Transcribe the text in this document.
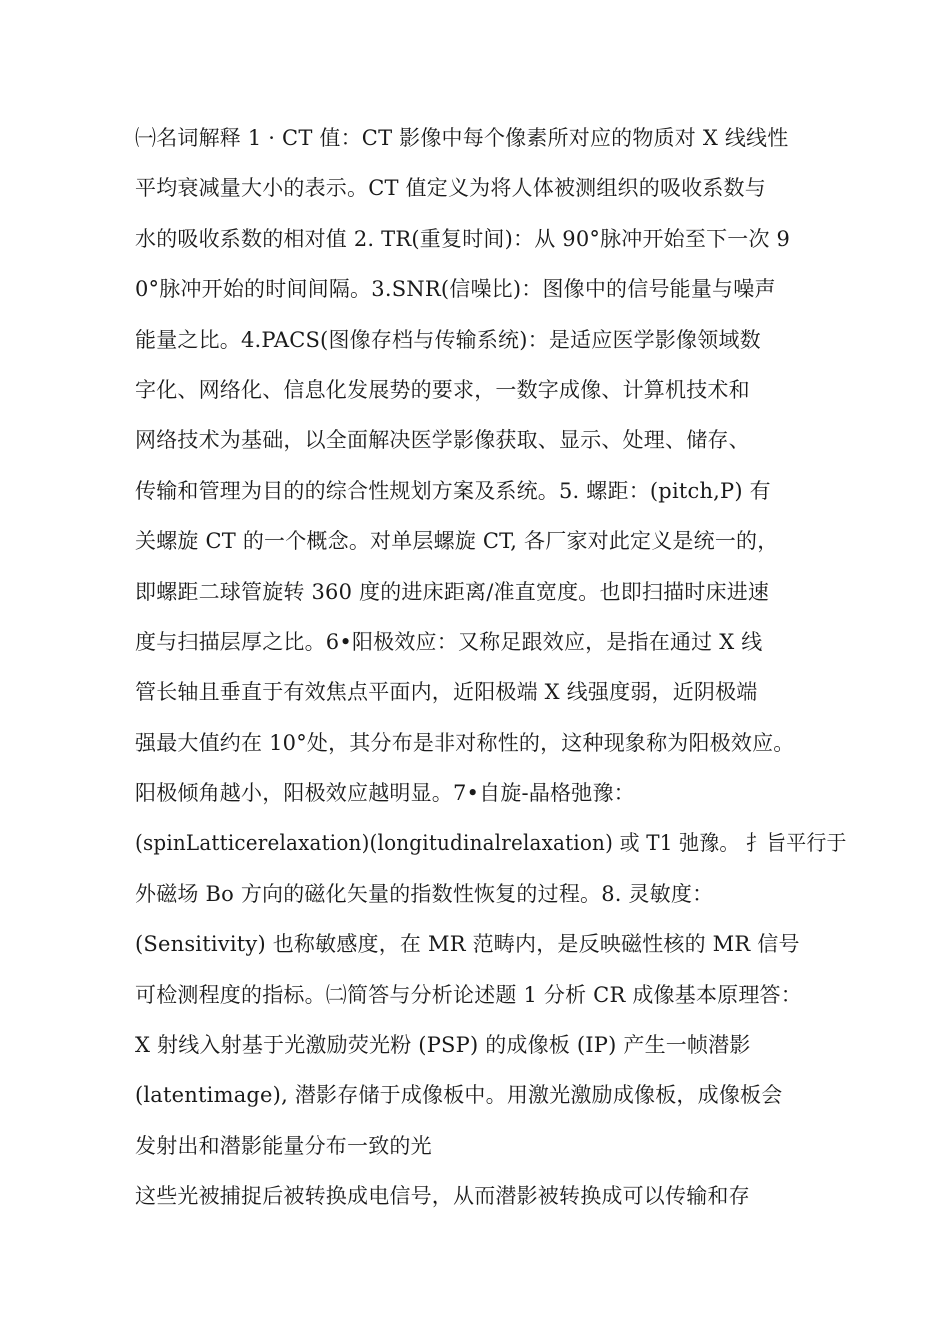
㈠名词解释 1 · CT 值：CT 影像中每个像素所对应的物质对 X 线线性
平均衰减量大小的表示。CT 值定义为将人体被测组织的吸收系数与
水的吸收系数的相对值 2. TR(重复时间)：从 90°脉冲开始至下一次 9
0°脉冲开始的时间间隔。3.SNR(信噪比)：图像中的信号能量与噪声
能量之比。4.PACS(图像存档与传输系统)：是适应医学影像领域数
字化、网络化、信息化发展势的要求，一数字成像、计算机技术和
网络技术为基础，以全面解决医学影像获取、显示、处理、储存、
传输和管理为目的的综合性规划方案及系统。5. 螺距：(pitch,P) 有
关螺旋 CT 的一个概念。对单层螺旋 CT, 各厂家对此定义是统一的，
即螺距二球管旋转 360 度的进床距离/准直宽度。也即扫描时床进速
度与扫描层厚之比。6•阳极效应：又称足跟效应，是指在通过 X 线
管长轴且垂直于有效焦点平面内，近阳极端 X 线强度弱，近阴极端
强最大值约在 10°处，其分布是非对称性的，这种现象称为阳极效应。
阳极倾角越小，阳极效应越明显。7•自旋-晶格弛豫：
(spinLatticerelaxation)(longitudinalrelaxation) 或 T1 弛豫。 扌旨平行于
外磁场 Bo 方向的磁化矢量的指数性恢复的过程。8. 灵敏度：
(Sensitivity) 也称敏感度，在 MR 范畴内，是反映磁性核的 MR 信号
可检测程度的指标。㈡简答与分析论述题 1 分析 CR 成像基本原理答：
X 射线入射基于光激励荧光粉 (PSP) 的成像板 (IP) 产生一帧潜影
(latentimage), 潜影存储于成像板中。用激光激励成像板，成像板会
发射出和潜影能量分布一致的光
这些光被捕捉后被转换成电信号，从而潜影被转换成可以传输和存
